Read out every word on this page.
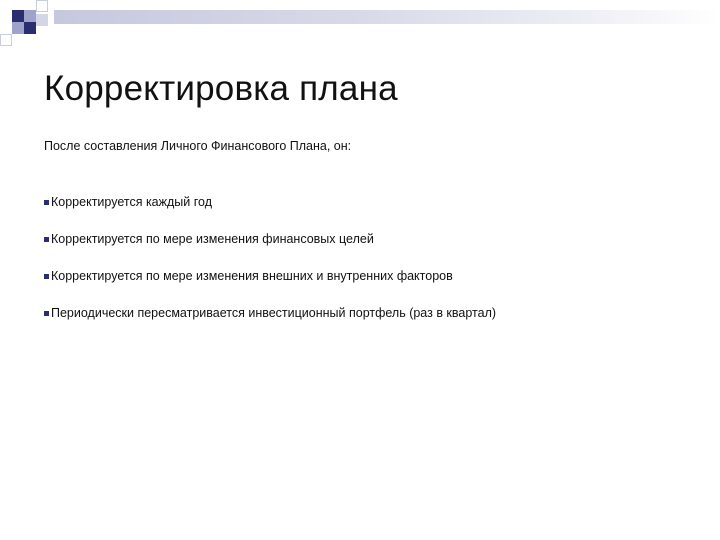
Корректировка плана
После составления Личного Финансового Плана, он:
Корректируется каждый год
Корректируется по мере изменения финансовых целей
Корректируется по мере изменения внешних и внутренних факторов
Периодически пересматривается инвестиционный портфель (раз в квартал)
